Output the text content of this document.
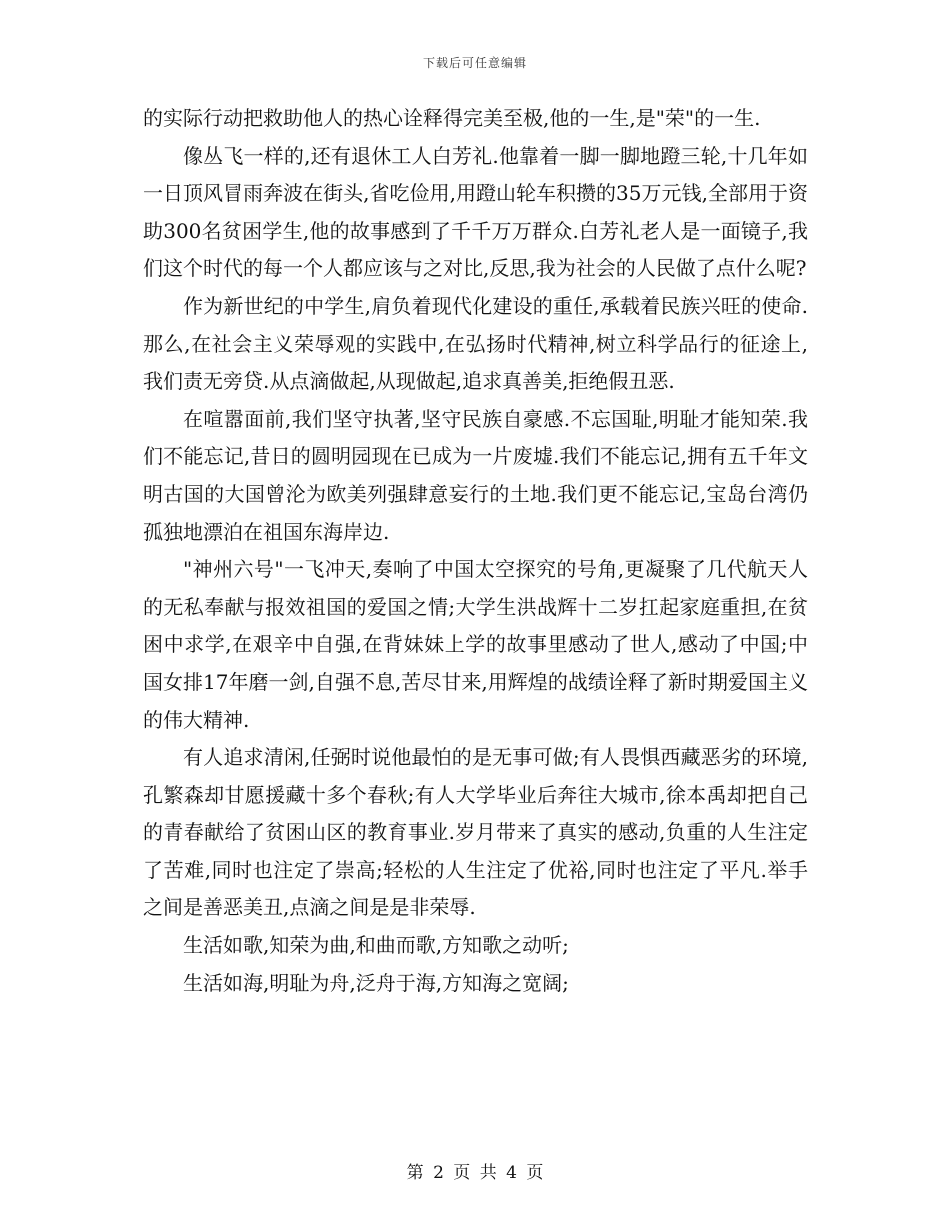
下载后可任意编辑

的实际行动把救助他人的热心诠释得完美至极,他的一生,是"荣"的一生.

像丛飞一样的,还有退休工人白芳礼.他靠着一脚一脚地蹬三轮,十几年如一日顶风冒雨奔波在街头,省吃俭用,用蹬山轮车积攒的35万元钱,全部用于资助300名贫困学生,他的故事感到了千千万万群众.白芳礼老人是一面镜子,我们这个时代的每一个人都应该与之对比,反思,我为社会的人民做了点什么呢?

作为新世纪的中学生,肩负着现代化建设的重任,承载着民族兴旺的使命.那么,在社会主义荣辱观的实践中,在弘扬时代精神,树立科学品行的征途上,我们责无旁贷.从点滴做起,从现做起,追求真善美,拒绝假丑恶.

在喧嚣面前,我们坚守执著,坚守民族自豪感.不忘国耻,明耻才能知荣.我们不能忘记,昔日的圆明园现在已成为一片废墟.我们不能忘记,拥有五千年文明古国的大国曾沦为欧美列强肆意妄行的土地.我们更不能忘记,宝岛台湾仍孤独地漂泊在祖国东海岸边.

"神州六号"一飞冲天,奏响了中国太空探究的号角,更凝聚了几代航天人的无私奉献与报效祖国的爱国之情;大学生洪战辉十二岁扛起家庭重担,在贫困中求学,在艰辛中自强,在背妹妹上学的故事里感动了世人,感动了中国;中国女排17年磨一剑,自强不息,苦尽甘来,用辉煌的战绩诠释了新时期爱国主义的伟大精神.

有人追求清闲,任弼时说他最怕的是无事可做;有人畏惧西藏恶劣的环境,孔繁森却甘愿援藏十多个春秋;有人大学毕业后奔往大城市,徐本禹却把自己的青春献给了贫困山区的教育事业.岁月带来了真实的感动,负重的人生注定了苦难,同时也注定了崇高;轻松的人生注定了优裕,同时也注定了平凡.举手之间是善恶美丑,点滴之间是是非荣辱.

生活如歌,知荣为曲,和曲而歌,方知歌之动听;

生活如海,明耻为舟,泛舟于海,方知海之宽阔;

第 2 页 共 4 页
